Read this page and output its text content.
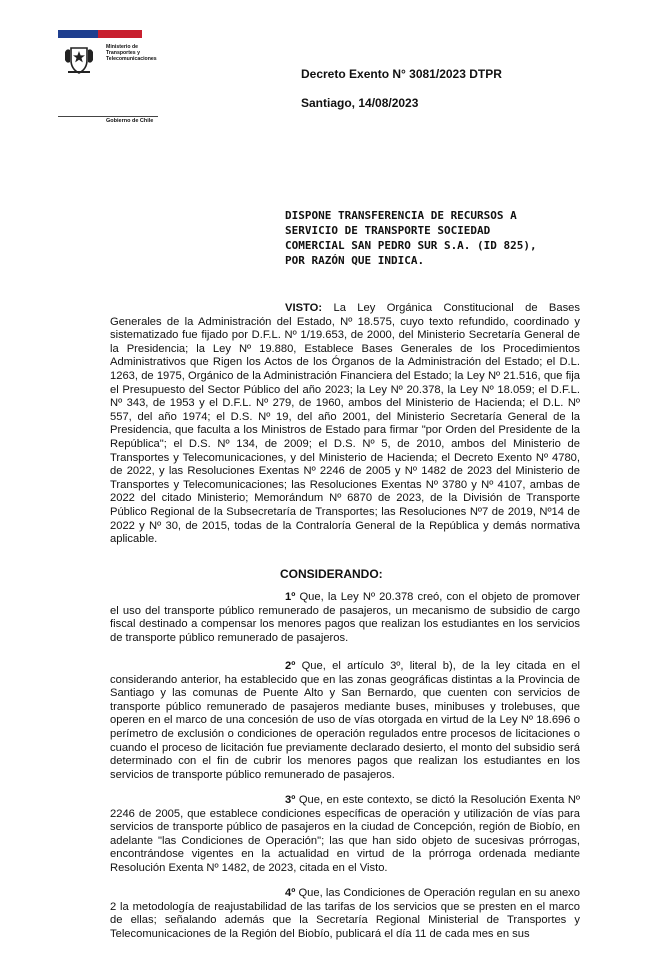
Ministerio de
Transportes y
Telecomunicaciones
Gobierno de Chile
Decreto Exento N° 3081/2023 DTPR
Santiago, 14/08/2023
DISPONE TRANSFERENCIA DE RECURSOS A
SERVICIO DE TRANSPORTE SOCIEDAD
COMERCIAL SAN PEDRO SUR S.A. (ID 825),
POR RAZÓN QUE INDICA.

VISTO: La Ley Orgánica Constitucional de Bases Generales de la Administración del Estado, Nº 18.575, cuyo texto refundido, coordinado y sistematizado fue fijado por D.F.L. Nº 1/19.653, de 2000, del Ministerio Secretaría General de la Presidencia; la Ley Nº 19.880, Establece Bases Generales de los Procedimientos Administrativos que Rigen los Actos de los Órganos de la Administración del Estado; el D.L. 1263, de 1975, Orgánico de la Administración Financiera del Estado; la Ley Nº 21.516, que fija el Presupuesto del Sector Público del año 2023; la Ley Nº 20.378, la Ley Nº 18.059; el D.F.L. Nº 343, de 1953 y el D.F.L. Nº 279, de 1960, ambos del Ministerio de Hacienda; el D.L. Nº 557, del año 1974; el D.S. Nº 19, del año 2001, del Ministerio Secretaría General de la Presidencia, que faculta a los Ministros de Estado para firmar "por Orden del Presidente de la República"; el D.S. Nº 134, de 2009; el D.S. Nº 5, de 2010, ambos del Ministerio de Transportes y Telecomunicaciones, y del Ministerio de Hacienda; el Decreto Exento Nº 4780, de 2022, y las Resoluciones Exentas Nº 2246 de 2005 y Nº 1482 de 2023 del Ministerio de Transportes y Telecomunicaciones; las Resoluciones Exentas Nº 3780 y Nº 4107, ambas de 2022 del citado Ministerio; Memorándum Nº 6870 de 2023, de la División de Transporte Público Regional de la Subsecretaría de Transportes; las Resoluciones Nº7 de 2019, Nº14 de 2022 y Nº 30, de 2015, todas de la Contraloría General de la República y demás normativa aplicable.

CONSIDERANDO:

1º Que, la Ley Nº 20.378 creó, con el objeto de promover el uso del transporte público remunerado de pasajeros, un mecanismo de subsidio de cargo fiscal destinado a compensar los menores pagos que realizan los estudiantes en los servicios de transporte público remunerado de pasajeros.

2º Que, el artículo 3º, literal b), de la ley citada en el considerando anterior, ha establecido que en las zonas geográficas distintas a la Provincia de Santiago y las comunas de Puente Alto y San Bernardo, que cuenten con servicios de transporte público remunerado de pasajeros mediante buses, minibuses y trolebuses, que operen en el marco de una concesión de uso de vías otorgada en virtud de la Ley Nº 18.696 o perímetro de exclusión o condiciones de operación regulados entre procesos de licitaciones o cuando el proceso de licitación fue previamente declarado desierto, el monto del subsidio será determinado con el fin de cubrir los menores pagos que realizan los estudiantes en los servicios de transporte público remunerado de pasajeros.

3º Que, en este contexto, se dictó la Resolución Exenta Nº 2246 de 2005, que establece condiciones específicas de operación y utilización de vías para servicios de transporte público de pasajeros en la ciudad de Concepción, región de Biobío, en adelante "las Condiciones de Operación"; las que han sido objeto de sucesivas prórrogas, encontrándose vigentes en la actualidad en virtud de la prórroga ordenada mediante Resolución Exenta Nº 1482, de 2023, citada en el Visto.

4º Que, las Condiciones de Operación regulan en su anexo 2 la metodología de reajustabilidad de las tarifas de los servicios que se presten en el marco de ellas; señalando además que la Secretaría Regional Ministerial de Transportes y Telecomunicaciones de la Región del Biobío, publicará el día 11 de cada mes en sus
